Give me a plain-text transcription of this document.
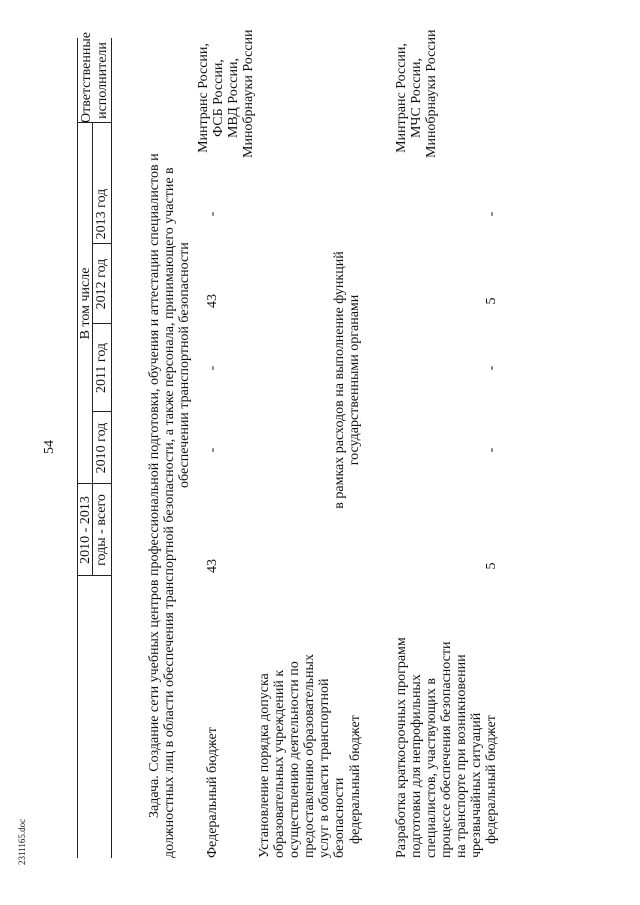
54
2311165.doc
2010 - 2013 годы - всего
В том числе
2010 год
2011 год
2012 год
2013 год
Ответственные исполнители
Задача. Создание сети учебных центров профессиональной подготовки, обучения и аттестации специалистов и должностных лиц в области обеспечения транспортной безопасности, а также персонала, принимающего участие в обеспечении транспортной безопасности
Федеральный бюджет
43
-
-
43
-
Минтранс России, ФСБ России, МВД России, Минобрнауки России
Установление порядка допуска образовательных учреждений к осуществлению деятельности по предоставлению образовательных услуг в области транспортной безопасности федеральный бюджет
в рамках расходов на выполнение функций государственными органами
Разработка краткосрочных программ подготовки для непрофильных специалистов, участвующих в процессе обеспечения безопасности на транспорте при возникновении чрезвычайных ситуаций федеральный бюджет
5
-
-
5
-
Минтранс России, МЧС России, Минобрнауки России
